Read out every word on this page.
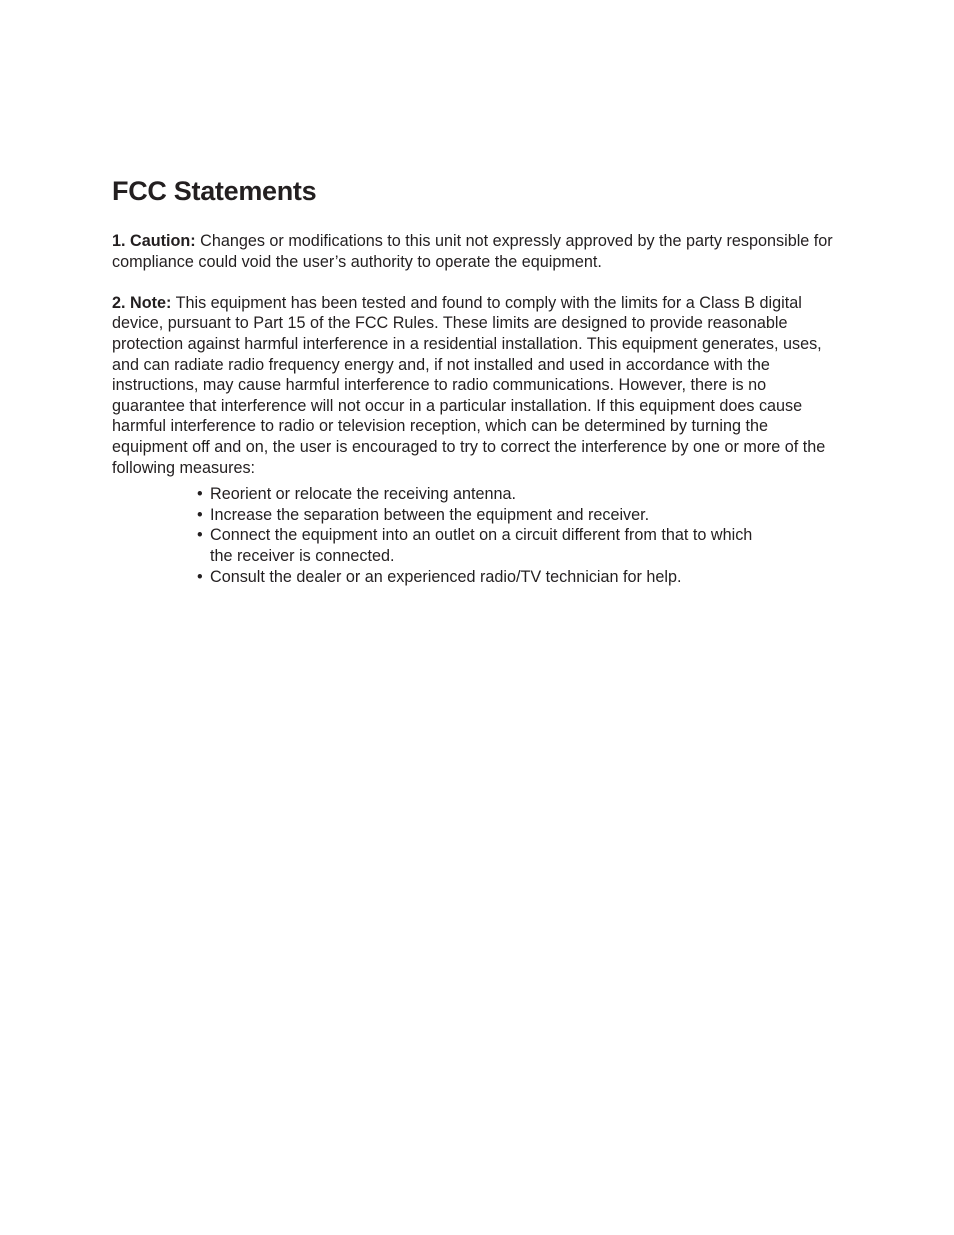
FCC Statements

1. Caution: Changes or modifications to this unit not expressly approved by the party responsible for compliance could void the user’s authority to operate the equipment.

2. Note: This equipment has been tested and found to comply with the limits for a Class B digital device, pursuant to Part 15 of the FCC Rules. These limits are designed to provide reasonable protection against harmful interference in a residential installation. This equipment generates, uses, and can radiate radio frequency energy and, if not installed and used in accordance with the instructions, may cause harmful interference to radio communications. However, there is no guarantee that interference will not occur in a particular installation. If this equipment does cause harmful interference to radio or television reception, which can be determined by turning the equipment off and on, the user is encouraged to try to correct the interference by one or more of the following measures:

• Reorient or relocate the receiving antenna.
• Increase the separation between the equipment and receiver.
• Connect the equipment into an outlet on a circuit different from that to which the receiver is connected.
• Consult the dealer or an experienced radio/TV technician for help.
